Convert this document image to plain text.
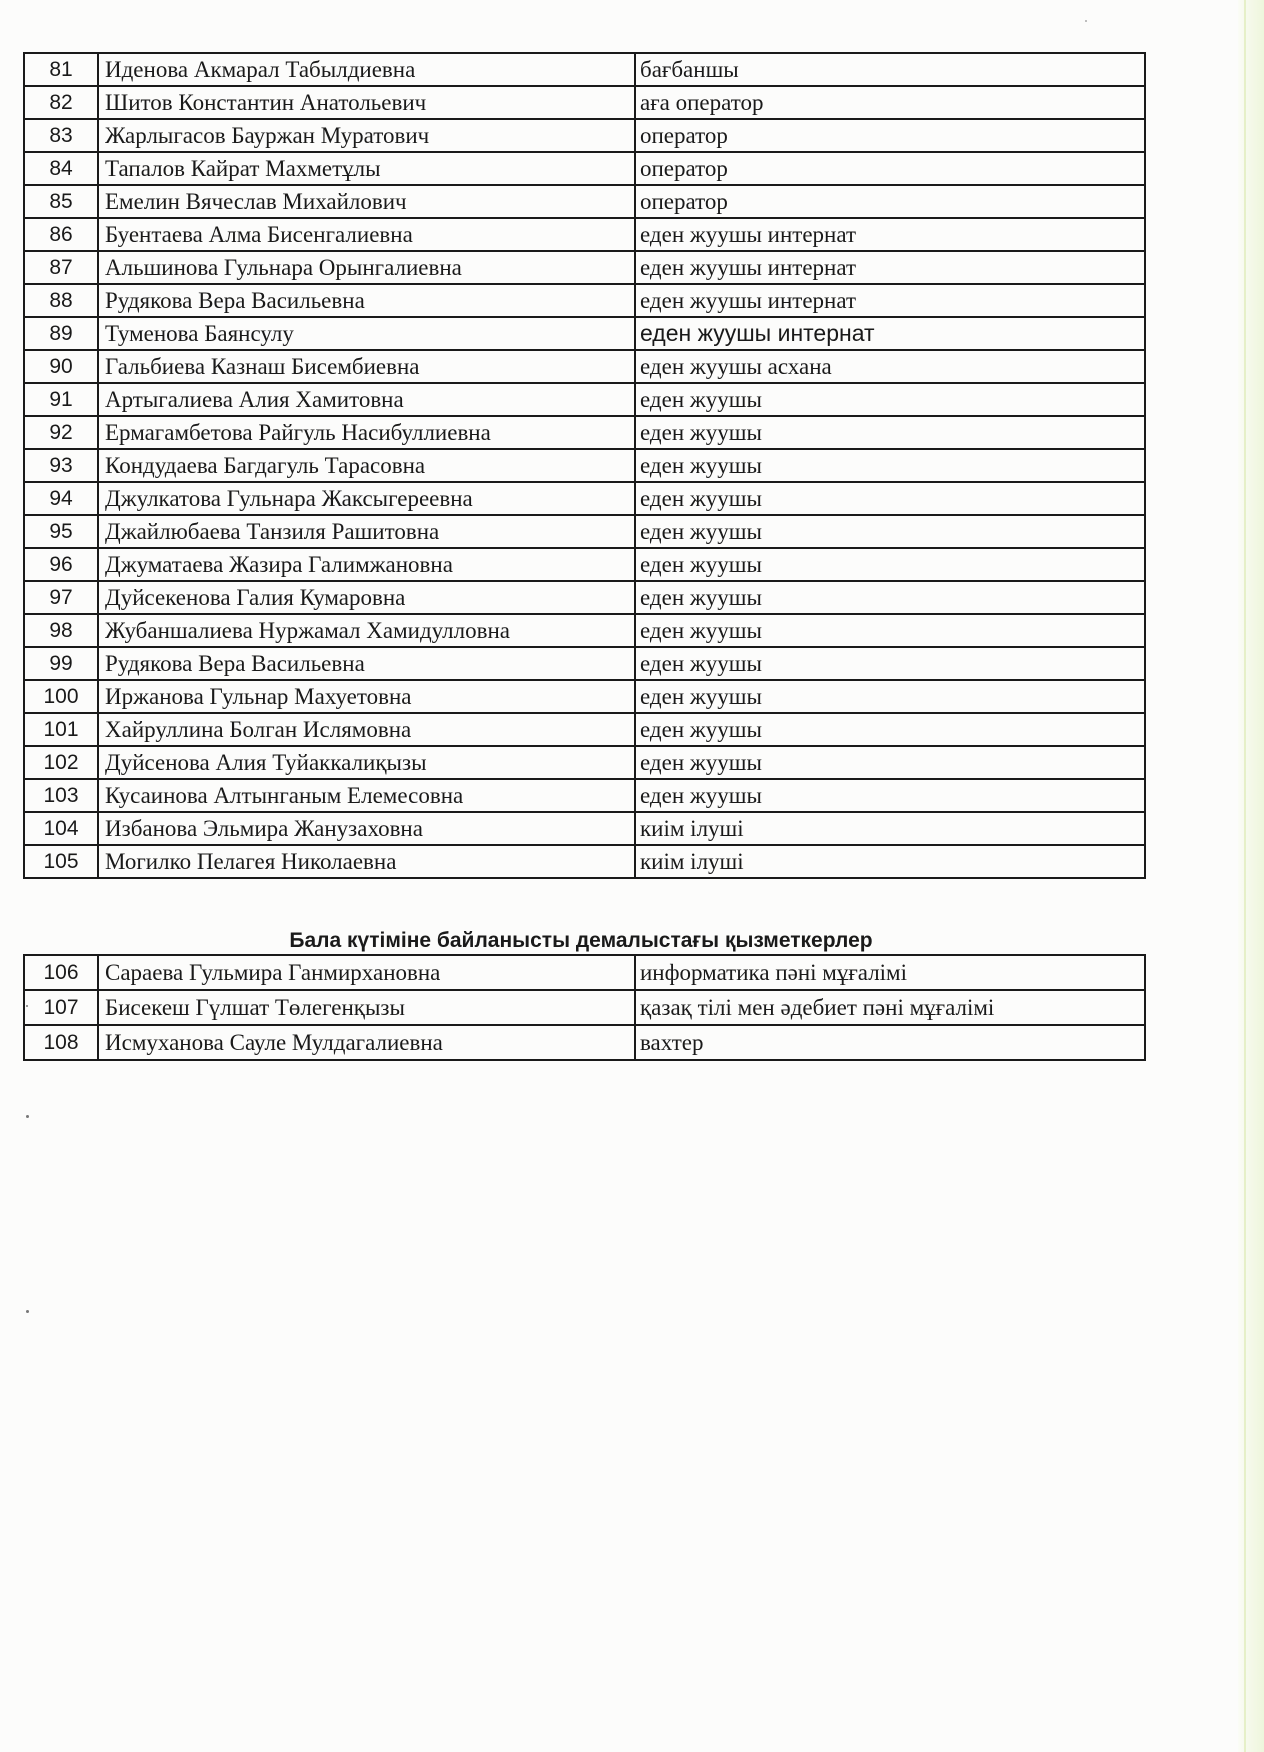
81	Иденова Акмарал Табылдиевна	бағбаншы
82	Шитов Константин Анатольевич	аға оператор
83	Жарлыгасов Бауржан Муратович	оператор
84	Тапалов Кайрат Махметұлы	оператор
85	Емелин Вячеслав Михайлович	оператор
86	Буентаева Алма Бисенгалиевна	еден жуушы интернат
87	Альшинова Гульнара Орынгалиевна	еден жуушы интернат
88	Рудякова Вера Васильевна	еден жуушы интернат
89	Туменова Баянсулу	еден жуушы интернат
90	Гальбиева Казнаш Бисембиевна	еден жуушы асхана
91	Артыгалиева Алия Хамитовна	еден жуушы
92	Ермагамбетова Райгуль Насибуллиевна	еден жуушы
93	Кондудаева Багдагуль Тарасовна	еден жуушы
94	Джулкатова Гульнара Жаксыгереевна	еден жуушы
95	Джайлюбаева Танзиля Рашитовна	еден жуушы
96	Джуматаева Жазира Галимжановна	еден жуушы
97	Дуйсекенова Галия Кумаровна	еден жуушы
98	Жубаншалиева Нуржамал Хамидулловна	еден жуушы
99	Рудякова Вера Васильевна	еден жуушы
100	Иржанова Гульнар Махуетовна	еден жуушы
101	Хайруллина Болган Ислямовна	еден жуушы
102	Дуйсенова Алия Туйаккалиқызы	еден жуушы
103	Кусаинова Алтынганым Елемесовна	еден жуушы
104	Избанова Эльмира Жанузаховна	киім ілуші
105	Могилко Пелагея Николаевна	киім ілуші
Бала күтіміне байланысты демалыстағы қызметкерлер
106	Сараева Гульмира Ганмирхановна	информатика пәні мұғалімі
107	Бисекеш Гүлшат Төлегенқызы	қазақ тілі мен әдебиет пәні мұғалімі
108	Исмуханова Сауле Мулдагалиевна	вахтер
